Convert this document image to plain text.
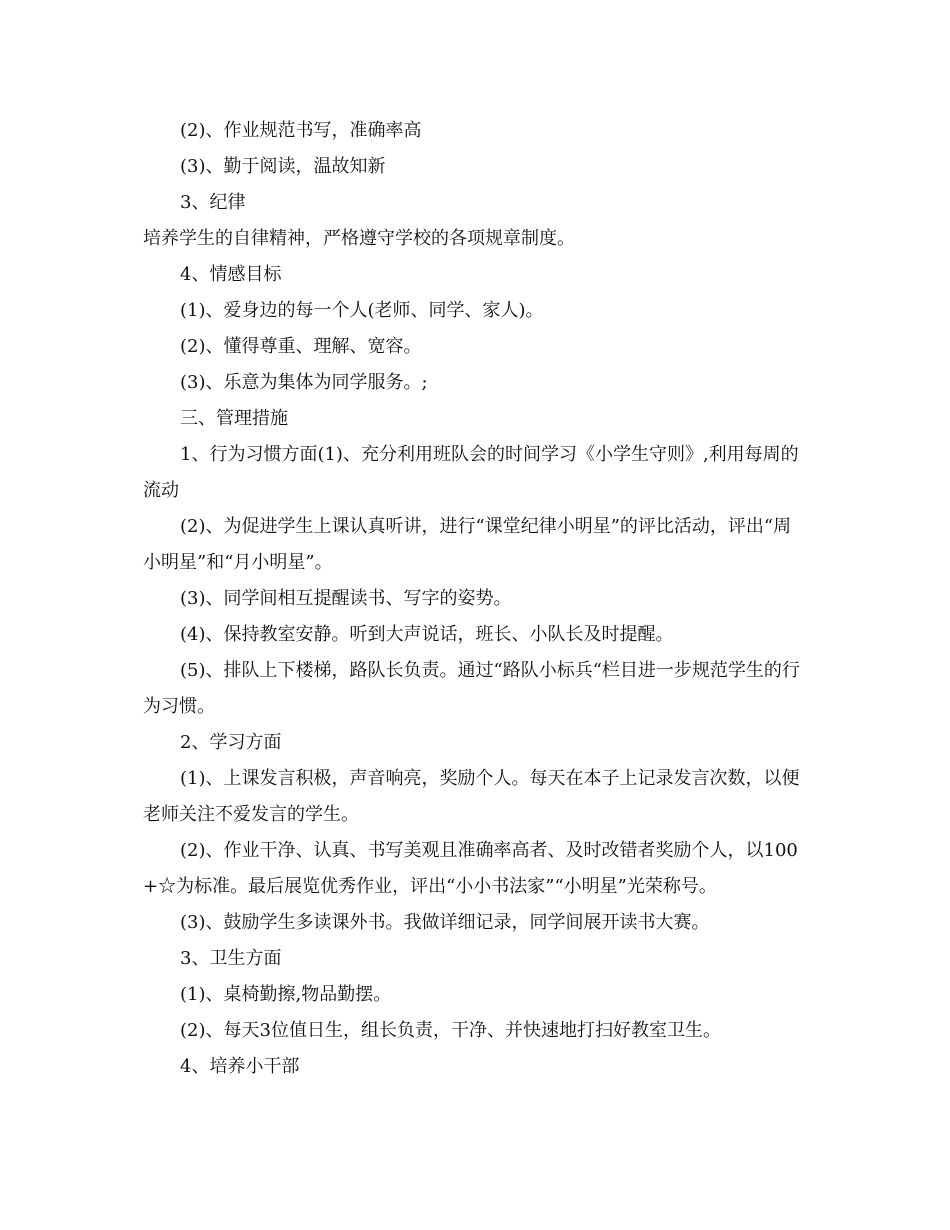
(2)、作业规范书写，准确率高

(3)、勤于阅读，温故知新

3、纪律

培养学生的自律精神，严格遵守学校的各项规章制度。

4、情感目标

(1)、爱身边的每一个人(老师、同学、家人)。

(2)、懂得尊重、理解、宽容。

(3)、乐意为集体为同学服务。;

三、管理措施

1、行为习惯方面(1)、充分利用班队会的时间学习《小学生守则》,利用每周的流动

(2)、为促进学生上课认真听讲，进行“课堂纪律小明星”的评比活动，评出“周小明星”和“月小明星”。

(3)、同学间相互提醒读书、写字的姿势。

(4)、保持教室安静。听到大声说话，班长、小队长及时提醒。

(5)、排队上下楼梯，路队长负责。通过“路队小标兵“栏目进一步规范学生的行为习惯。

2、学习方面

(1)、上课发言积极，声音响亮，奖励个人。每天在本子上记录发言次数，以便老师关注不爱发言的学生。

(2)、作业干净、认真、书写美观且准确率高者、及时改错者奖励个人，以100+☆为标准。最后展览优秀作业，评出“小小书法家”“小明星”光荣称号。

(3)、鼓励学生多读课外书。我做详细记录，同学间展开读书大赛。

3、卫生方面

(1)、桌椅勤擦,物品勤摆。

(2)、每天3位值日生，组长负责，干净、并快速地打扫好教室卫生。

4、培养小干部
